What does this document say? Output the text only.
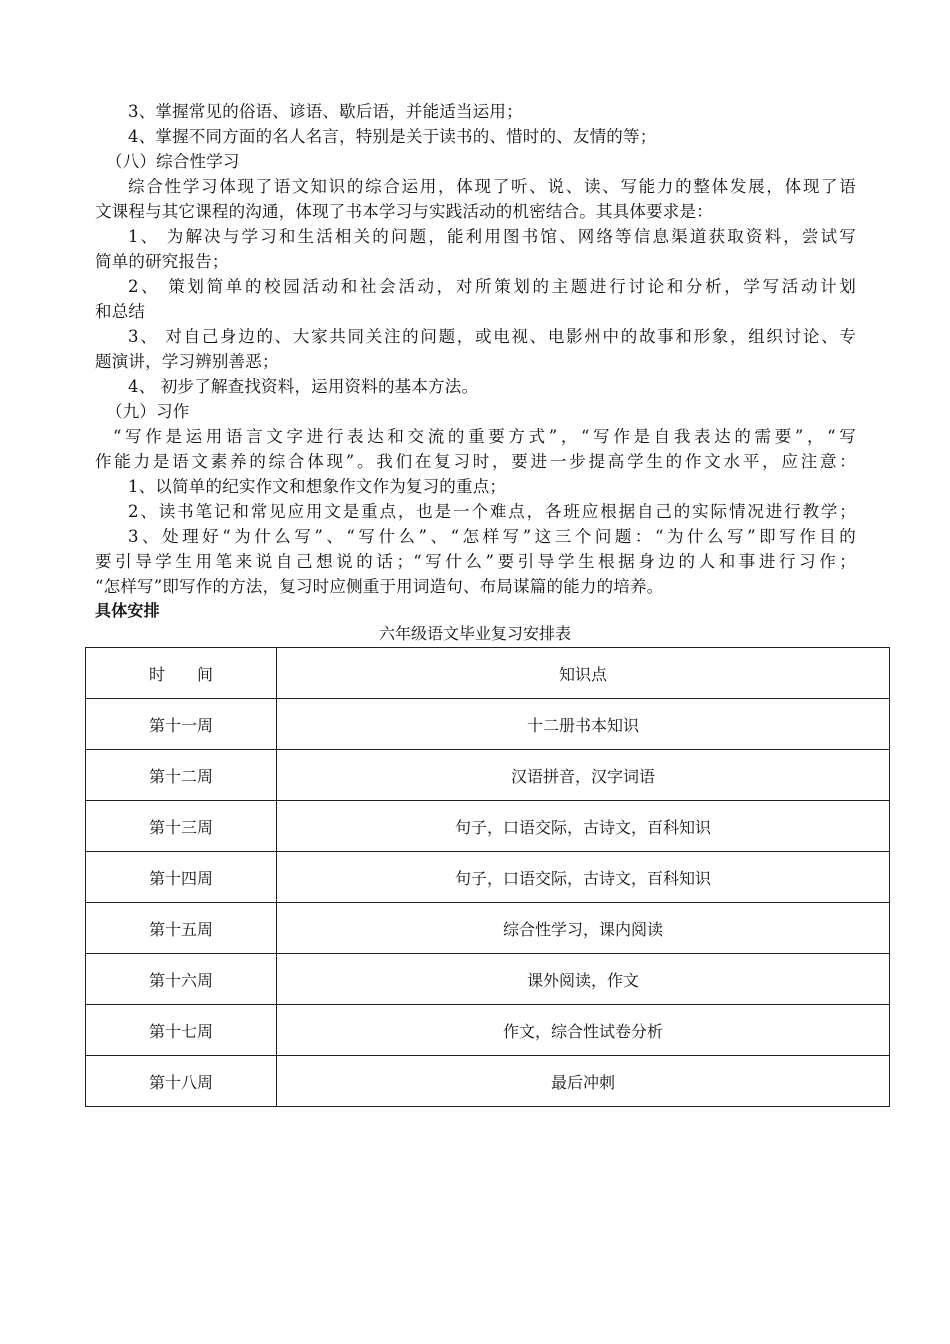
3、掌握常见的俗语、谚语、歇后语，并能适当运用；
4、掌握不同方面的名人名言，特别是关于读书的、惜时的、友情的等；
（八）综合性学习
综合性学习体现了语文知识的综合运用，体现了听、说、读、写能力的整体发展，体现了语
文课程与其它课程的沟通，体现了书本学习与实践活动的机密结合。其具体要求是：
1、 为解决与学习和生活相关的问题，能利用图书馆、网络等信息渠道获取资料，尝试写
简单的研究报告；
2、 策划简单的校园活动和社会活动，对所策划的主题进行讨论和分析，学写活动计划
和总结
3、 对自己身边的、大家共同关注的问题，或电视、电影州中的故事和形象，组织讨论、专
题演讲，学习辨别善恶；
4、 初步了解查找资料，运用资料的基本方法。
（九）习作
“写作是运用语言文字进行表达和交流的重要方式”，“写作是自我表达的需要”，“写
作能力是语文素养的综合体现”。我们在复习时，要进一步提高学生的作文水平，应注意：
1、以简单的纪实作文和想象作文作为复习的重点；
2、读书笔记和常见应用文是重点，也是一个难点，各班应根据自己的实际情况进行教学；
3、处理好“为什么写”、“写什么”、“怎样写”这三个问题：“为什么写”即写作目的
要引导学生用笔来说自己想说的话；“写什么”要引导学生根据身边的人和事进行习作；
“怎样写”即写作的方法，复习时应侧重于用词造句、布局谋篇的能力的培养。
具体安排
六年级语文毕业复习安排表
时　　间	知识点
第十一周	十二册书本知识
第十二周	汉语拼音，汉字词语
第十三周	句子，口语交际，古诗文，百科知识
第十四周	句子，口语交际，古诗文，百科知识
第十五周	综合性学习，课内阅读
第十六周	课外阅读，作文
第十七周	作文，综合性试卷分析
第十八周	最后冲刺
